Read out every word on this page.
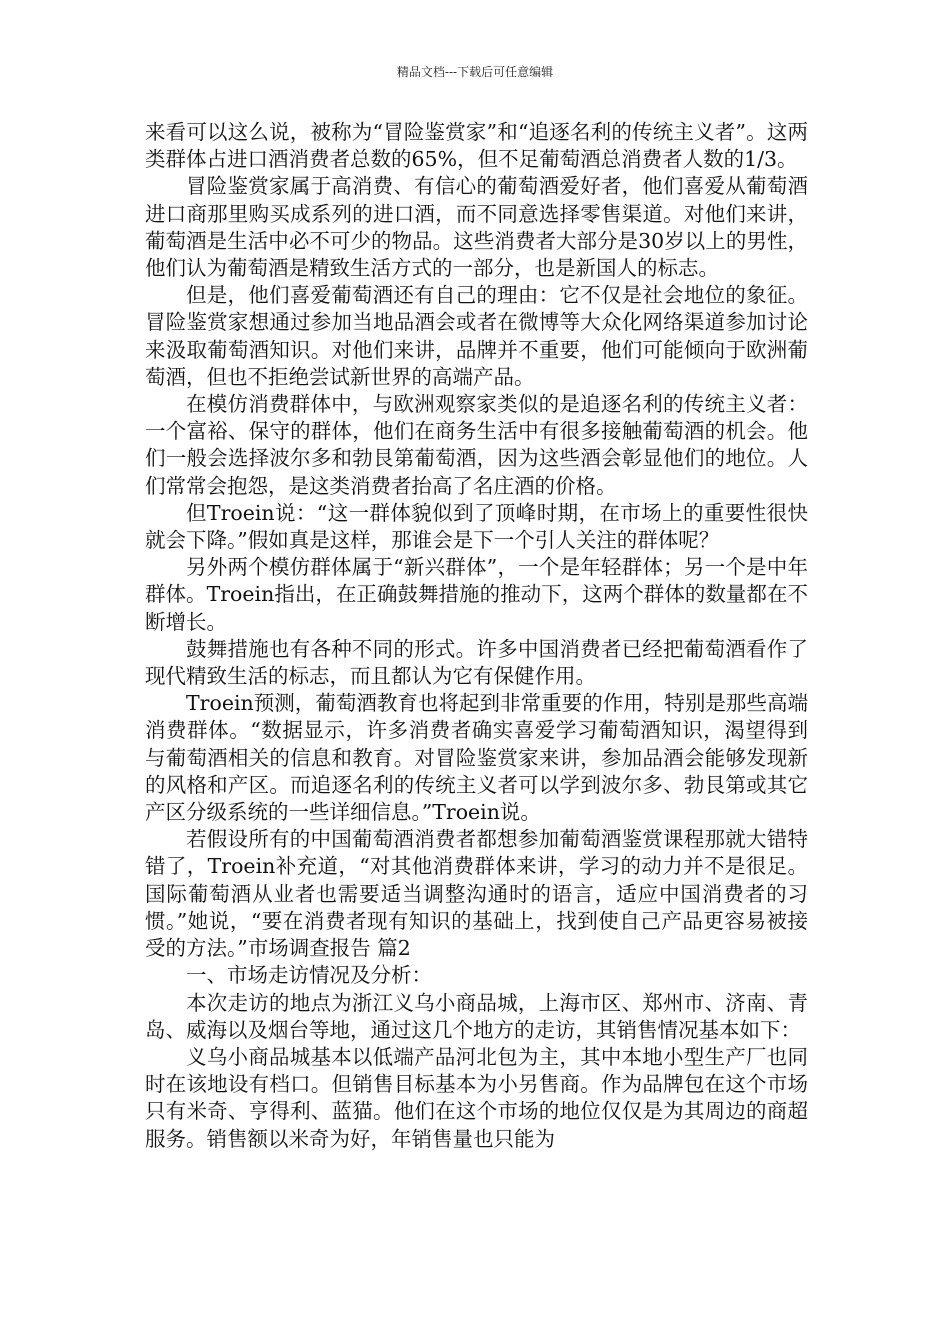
精品文档---下载后可任意编辑

来看可以这么说，被称为“冒险鉴赏家”和“追逐名利的传统主义者”。这两类群体占进口酒消费者总数的65%，但不足葡萄酒总消费者人数的1/3。

冒险鉴赏家属于高消费、有信心的葡萄酒爱好者，他们喜爱从葡萄酒进口商那里购买成系列的进口酒，而不同意选择零售渠道。对他们来讲，葡萄酒是生活中必不可少的物品。这些消费者大部分是30岁以上的男性，他们认为葡萄酒是精致生活方式的一部分，也是新国人的标志。

但是，他们喜爱葡萄酒还有自己的理由：它不仅是社会地位的象征。冒险鉴赏家想通过参加当地品酒会或者在微博等大众化网络渠道参加讨论来汲取葡萄酒知识。对他们来讲，品牌并不重要，他们可能倾向于欧洲葡萄酒，但也不拒绝尝试新世界的高端产品。

在模仿消费群体中，与欧洲观察家类似的是追逐名利的传统主义者：一个富裕、保守的群体，他们在商务生活中有很多接触葡萄酒的机会。他们一般会选择波尔多和勃艮第葡萄酒，因为这些酒会彰显他们的地位。人们常常会抱怨，是这类消费者抬高了名庄酒的价格。

但Troein说：“这一群体貌似到了顶峰时期，在市场上的重要性很快就会下降。”假如真是这样，那谁会是下一个引人关注的群体呢？

另外两个模仿群体属于“新兴群体”，一个是年轻群体；另一个是中年群体。Troein指出，在正确鼓舞措施的推动下，这两个群体的数量都在不断增长。

鼓舞措施也有各种不同的形式。许多中国消费者已经把葡萄酒看作了现代精致生活的标志，而且都认为它有保健作用。

Troein预测，葡萄酒教育也将起到非常重要的作用，特别是那些高端消费群体。“数据显示，许多消费者确实喜爱学习葡萄酒知识，渴望得到与葡萄酒相关的信息和教育。对冒险鉴赏家来讲，参加品酒会能够发现新的风格和产区。而追逐名利的传统主义者可以学到波尔多、勃艮第或其它产区分级系统的一些详细信息。”Troein说。

若假设所有的中国葡萄酒消费者都想参加葡萄酒鉴赏课程那就大错特错了，Troein补充道，“对其他消费群体来讲，学习的动力并不是很足。国际葡萄酒从业者也需要适当调整沟通时的语言，适应中国消费者的习惯。”她说，“要在消费者现有知识的基础上，找到使自己产品更容易被接受的方法。”市场调查报告 篇2

一、市场走访情况及分析：

本次走访的地点为浙江义乌小商品城，上海市区、郑州市、济南、青岛、威海以及烟台等地，通过这几个地方的走访，其销售情况基本如下：

义乌小商品城基本以低端产品河北包为主，其中本地小型生产厂也同时在该地设有档口。但销售目标基本为小另售商。作为品牌包在这个市场只有米奇、亨得利、蓝猫。他们在这个市场的地位仅仅是为其周边的商超服务。销售额以米奇为好，年销售量也只能为
